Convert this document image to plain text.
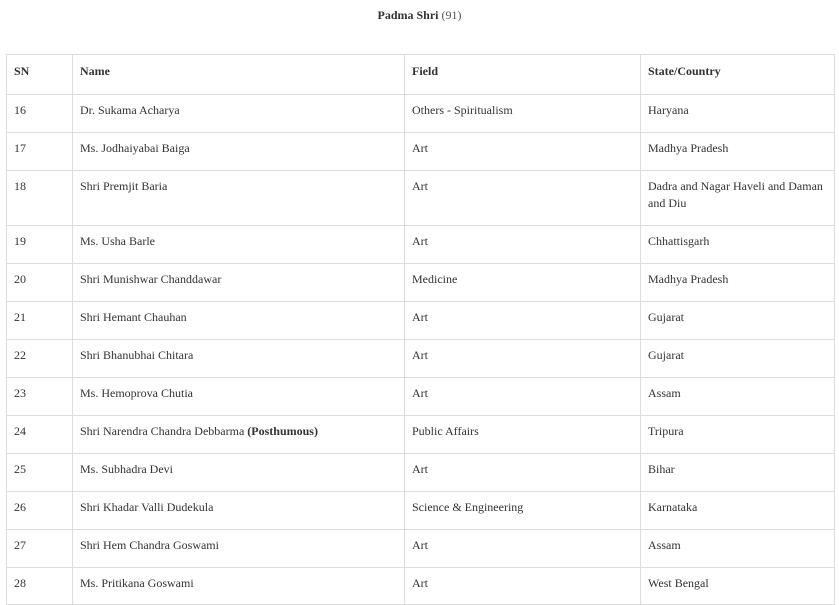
Padma Shri (91)
SN	Name	Field	State/Country
16	Dr. Sukama Acharya	Others - Spiritualism	Haryana
17	Ms. Jodhaiyabai Baiga	Art	Madhya Pradesh
18	Shri Premjit Baria	Art	Dadra and Nagar Haveli and Daman and Diu
19	Ms. Usha Barle	Art	Chhattisgarh
20	Shri Munishwar Chanddawar	Medicine	Madhya Pradesh
21	Shri Hemant Chauhan	Art	Gujarat
22	Shri Bhanubhai Chitara	Art	Gujarat
23	Ms. Hemoprova Chutia	Art	Assam
24	Shri Narendra Chandra Debbarma (Posthumous)	Public Affairs	Tripura
25	Ms. Subhadra Devi	Art	Bihar
26	Shri Khadar Valli Dudekula	Science & Engineering	Karnataka
27	Shri Hem Chandra Goswami	Art	Assam
28	Ms. Pritikana Goswami	Art	West Bengal
